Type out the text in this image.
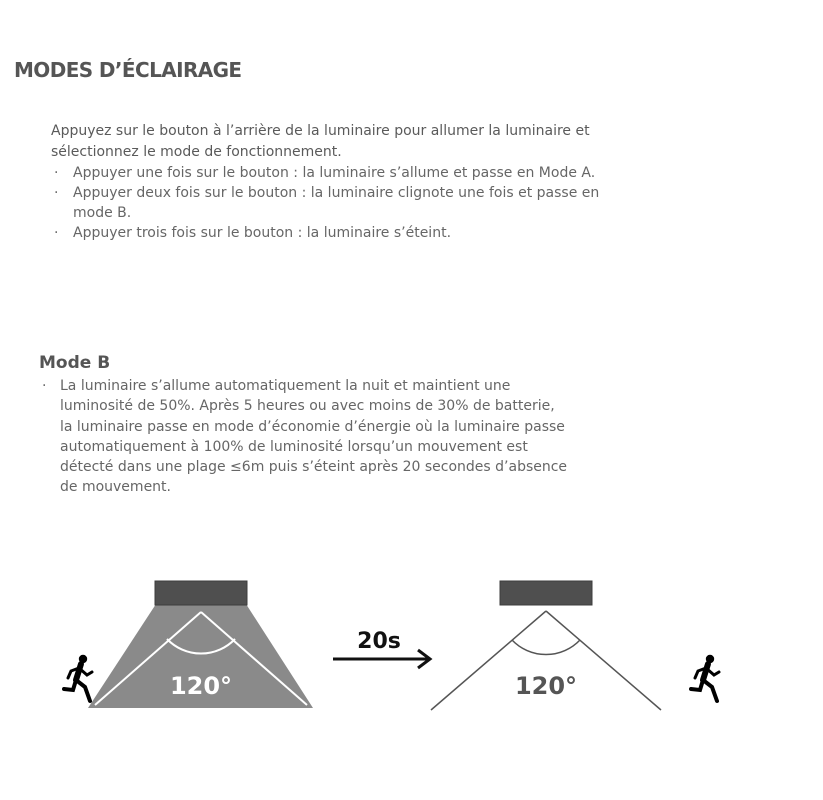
MODES D’ÉCLAIRAGE

Appuyez sur le bouton à l’arrière de la luminaire pour allumer la luminaire et sélectionnez le mode de fonctionnement.

· Appuyer une fois sur le bouton : la luminaire s’allume et passe en Mode A.
· Appuyer deux fois sur le bouton : la luminaire clignote une fois et passe en mode B.
· Appuyer trois fois sur le bouton : la luminaire s’éteint.
Mode B
· La luminaire s’allume automatiquement la nuit et maintient une luminosité de 50%. Après 5 heures ou avec moins de 30% de batterie, la luminaire passe en mode d’économie d’énergie où la luminaire passe automatiquement à 100% de luminosité lorsqu’un mouvement est détecté dans une plage ≤6m puis s’éteint après 20 secondes d’absence de mouvement.
120°
20s
120°
